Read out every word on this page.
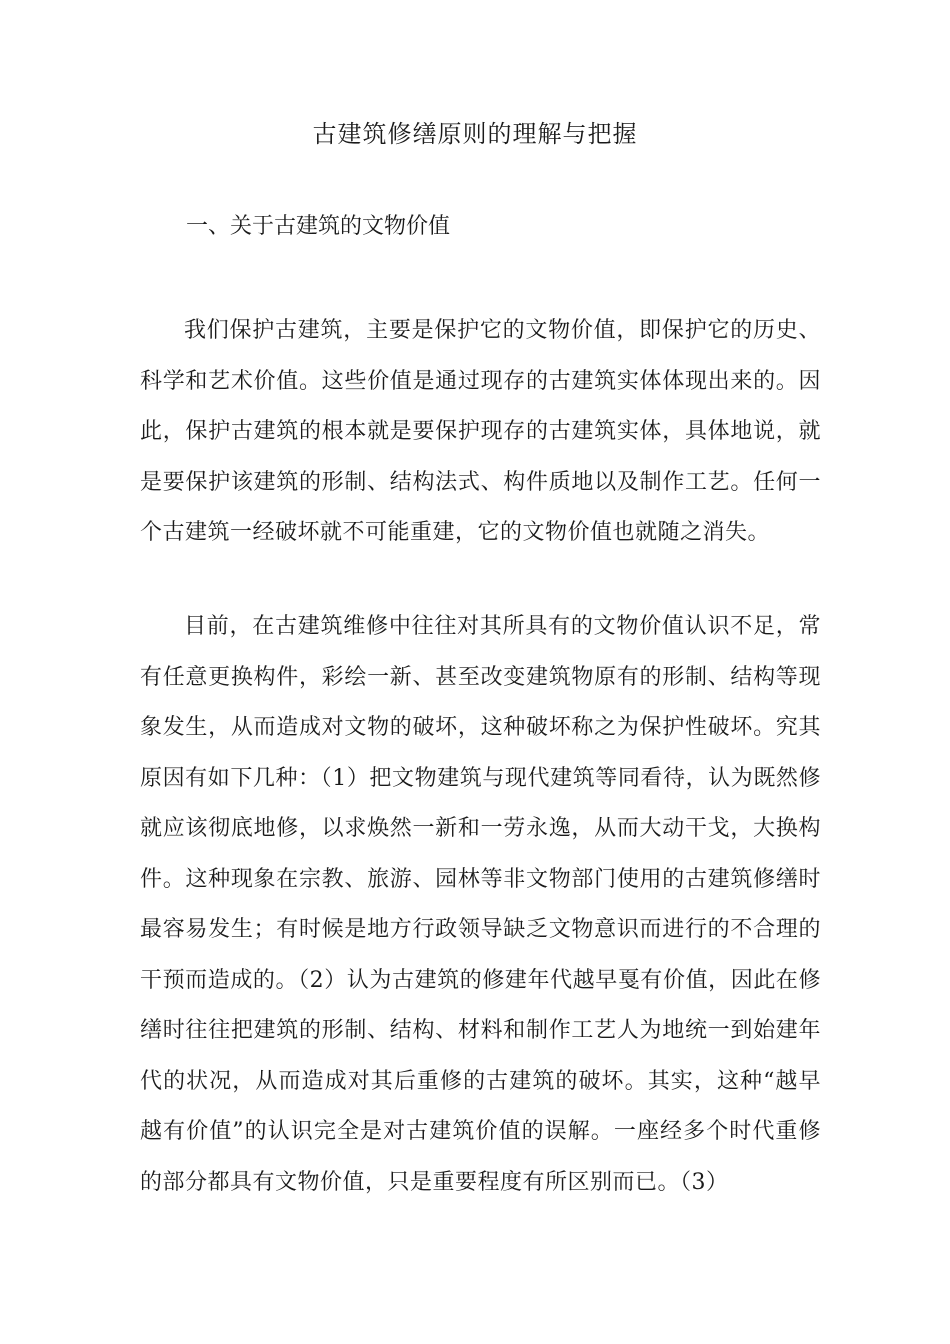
古建筑修缮原则的理解与把握
一、关于古建筑的文物价值

我们保护古建筑，主要是保护它的文物价值，即保护它的历史、科学和艺术价值。这些价值是通过现存的古建筑实体体现出来的。因此，保护古建筑的根本就是要保护现存的古建筑实体，具体地说，就是要保护该建筑的形制、结构法式、构件质地以及制作工艺。任何一个古建筑一经破坏就不可能重建，它的文物价值也就随之消失。

目前，在古建筑维修中往往对其所具有的文物价值认识不足，常有任意更换构件，彩绘一新、甚至改变建筑物原有的形制、结构等现象发生，从而造成对文物的破坏，这种破坏称之为保护性破坏。究其原因有如下几种：（1）把文物建筑与现代建筑等同看待，认为既然修就应该彻底地修，以求焕然一新和一劳永逸，从而大动干戈，大换构件。这种现象在宗教、旅游、园林等非文物部门使用的古建筑修缮时最容易发生；有时候是地方行政领导缺乏文物意识而进行的不合理的干预而造成的。（2）认为古建筑的修建年代越早戛有价值，因此在修缮时往往把建筑的形制、结构、材料和制作工艺人为地统一到始建年代的状况，从而造成对其后重修的古建筑的破坏。其实，这种“越早越有价值”的认识完全是对古建筑价值的误解。一座经多个时代重修的部分都具有文物价值，只是重要程度有所区别而已。（3）
